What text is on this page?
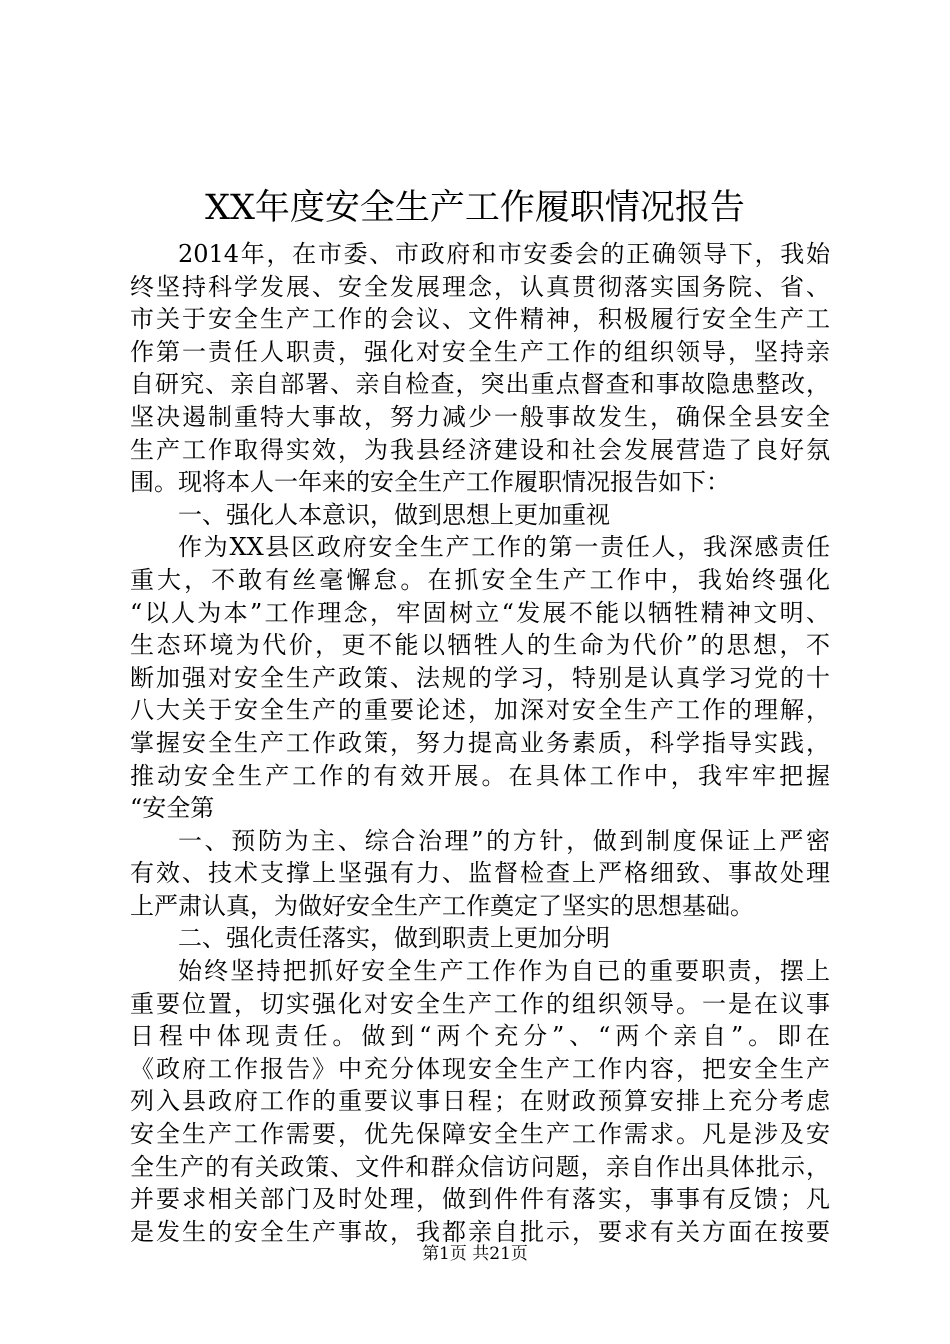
XX年度安全生产工作履职情况报告
2014年，在市委、市政府和市安委会的正确领导下，我始
终坚持科学发展、安全发展理念，认真贯彻落实国务院、省、
市关于安全生产工作的会议、文件精神，积极履行安全生产工
作第一责任人职责，强化对安全生产工作的组织领导，坚持亲
自研究、亲自部署、亲自检查，突出重点督查和事故隐患整改，
坚决遏制重特大事故，努力减少一般事故发生，确保全县安全
生产工作取得实效，为我县经济建设和社会发展营造了良好氛
围。现将本人一年来的安全生产工作履职情况报告如下：
一、强化人本意识，做到思想上更加重视
作为XX县区政府安全生产工作的第一责任人，我深感责任
重大，不敢有丝毫懈怠。在抓安全生产工作中，我始终强化
“以人为本”工作理念，牢固树立“发展不能以牺牲精神文明、
生态环境为代价，更不能以牺牲人的生命为代价”的思想，不
断加强对安全生产政策、法规的学习，特别是认真学习党的十
八大关于安全生产的重要论述，加深对安全生产工作的理解，
掌握安全生产工作政策，努力提高业务素质，科学指导实践，
推动安全生产工作的有效开展。在具体工作中，我牢牢把握
“安全第
一、预防为主、综合治理”的方针，做到制度保证上严密
有效、技术支撑上坚强有力、监督检查上严格细致、事故处理
上严肃认真，为做好安全生产工作奠定了坚实的思想基础。
二、强化责任落实，做到职责上更加分明
始终坚持把抓好安全生产工作作为自已的重要职责，摆上
重要位置，切实强化对安全生产工作的组织领导。一是在议事
日程中体现责任。做到“两个充分”、“两个亲自”。即在
《政府工作报告》中充分体现安全生产工作内容，把安全生产
列入县政府工作的重要议事日程；在财政预算安排上充分考虑
安全生产工作需要，优先保障安全生产工作需求。凡是涉及安
全生产的有关政策、文件和群众信访问题，亲自作出具体批示，
并要求相关部门及时处理，做到件件有落实，事事有反馈；凡
是发生的安全生产事故，我都亲自批示，要求有关方面在按要
第1页 共21页
